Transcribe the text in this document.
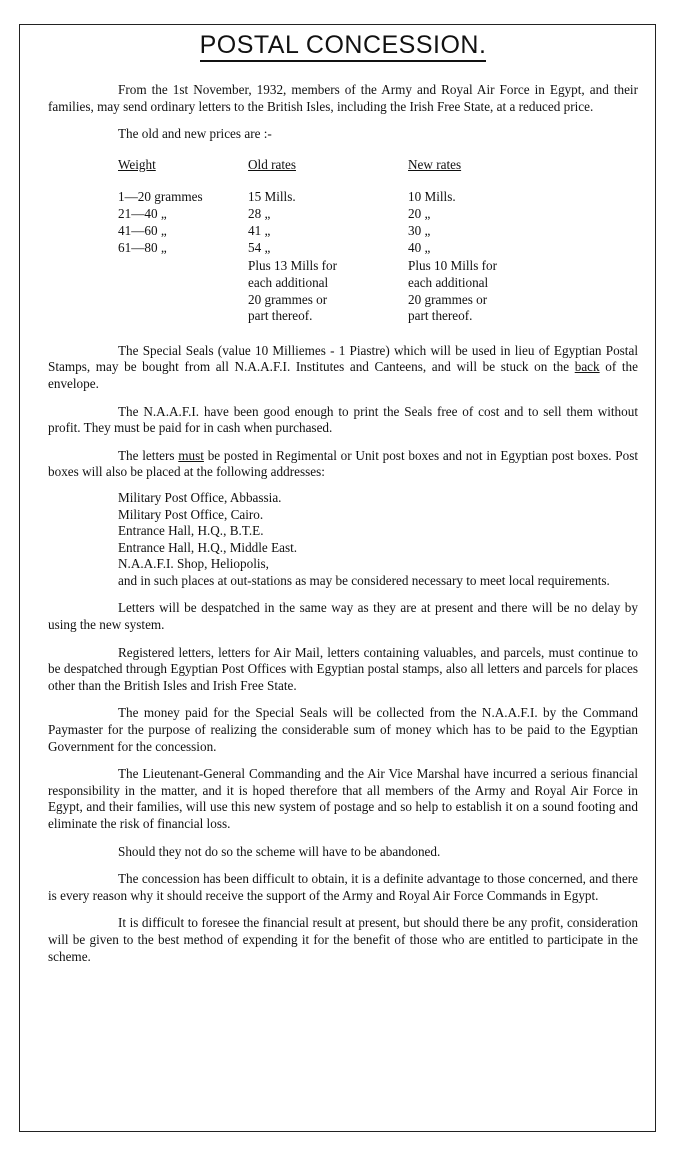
POSTAL CONCESSION.

From the 1st November, 1932, members of the Army and Royal Air Force in Egypt, and their families, may send ordinary letters to the British Isles, including the Irish Free State, at a reduced price.

The old and new prices are :-

Weight
1—20 grammes
21—40 „
41—60 „
61—80 „
Old rates
15 Mills.
28 „
41 „
54 „
Plus 13 Mills for
each additional
20 grammes or
part thereof.
New rates
10 Mills.
20 „
30 „
40 „
Plus 10 Mills for
each additional
20 grammes or
part thereof.

The Special Seals (value 10 Milliemes - 1 Piastre) which will be used in lieu of Egyptian Postal Stamps, may be bought from all N.A.A.F.I. Institutes and Canteens, and will be stuck on the back of the envelope.

The N.A.A.F.I. have been good enough to print the Seals free of cost and to sell them without profit. They must be paid for in cash when purchased.

The letters must be posted in Regimental or Unit post boxes and not in Egyptian post boxes. Post boxes will also be placed at the following addresses:

Military Post Office, Abbassia.
Military Post Office, Cairo.
Entrance Hall, H.Q., B.T.E.
Entrance Hall, H.Q., Middle East.
N.A.A.F.I. Shop, Heliopolis,
and in such places at out-stations as may be considered necessary to meet local requirements.

Letters will be despatched in the same way as they are at present and there will be no delay by using the new system.

Registered letters, letters for Air Mail, letters containing valuables, and parcels, must continue to be despatched through Egyptian Post Offices with Egyptian postal stamps, also all letters and parcels for places other than the British Isles and Irish Free State.

The money paid for the Special Seals will be collected from the N.A.A.F.I. by the Command Paymaster for the purpose of realizing the considerable sum of money which has to be paid to the Egyptian Government for the concession.

The Lieutenant-General Commanding and the Air Vice Marshal have incurred a serious financial responsibility in the matter, and it is hoped therefore that all members of the Army and Royal Air Force in Egypt, and their families, will use this new system of postage and so help to establish it on a sound footing and eliminate the risk of financial loss.

Should they not do so the scheme will have to be abandoned.

The concession has been difficult to obtain, it is a definite advantage to those concerned, and there is every reason why it should receive the support of the Army and Royal Air Force Commands in Egypt.

It is difficult to foresee the financial result at present, but should there be any profit, consideration will be given to the best method of expending it for the benefit of those who are entitled to participate in the scheme.
